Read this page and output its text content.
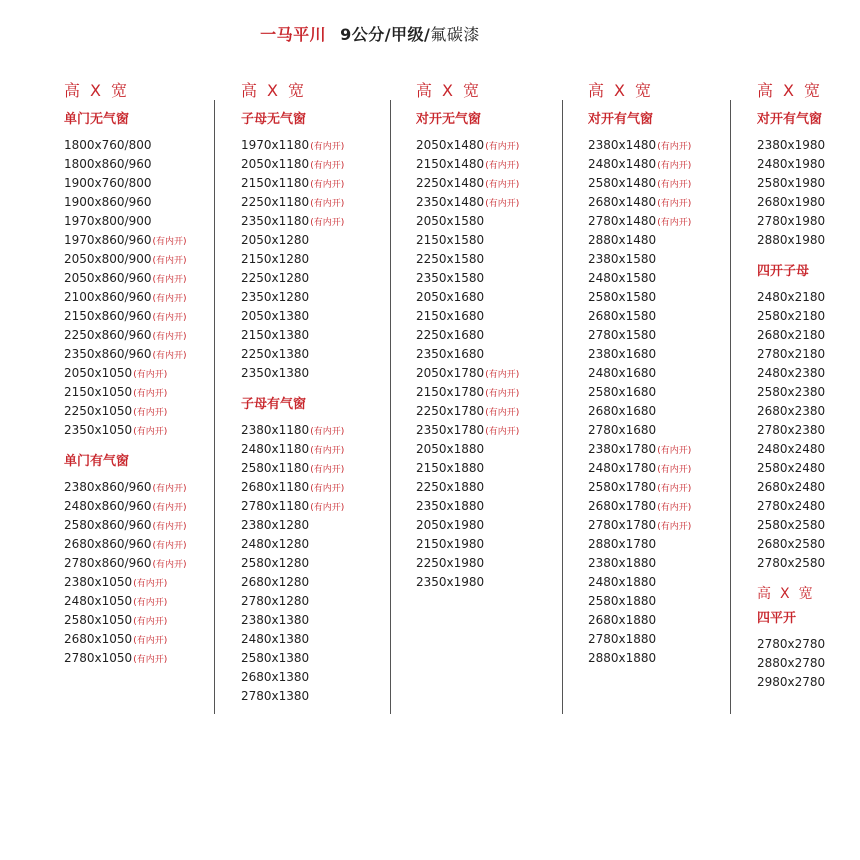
一马平川 9公分/甲级/氟碳漆
高X宽
单门无气窗
1800x760/800
1800x860/960
1900x760/800
1900x860/960
1970x800/900
1970x860/960(有内开)
2050x800/900(有内开)
2050x860/960(有内开)
2100x860/960(有内开)
2150x860/960(有内开)
2250x860/960(有内开)
2350x860/960(有内开)
2050x1050(有内开)
2150x1050(有内开)
2250x1050(有内开)
2350x1050(有内开)
单门有气窗
2380x860/960(有内开)
2480x860/960(有内开)
2580x860/960(有内开)
2680x860/960(有内开)
2780x860/960(有内开)
2380x1050(有内开)
2480x1050(有内开)
2580x1050(有内开)
2680x1050(有内开)
2780x1050(有内开)
高X宽
子母无气窗
1970x1180(有内开)
2050x1180(有内开)
2150x1180(有内开)
2250x1180(有内开)
2350x1180(有内开)
2050x1280
2150x1280
2250x1280
2350x1280
2050x1380
2150x1380
2250x1380
2350x1380
子母有气窗
2380x1180(有内开)
2480x1180(有内开)
2580x1180(有内开)
2680x1180(有内开)
2780x1180(有内开)
2380x1280
2480x1280
2580x1280
2680x1280
2780x1280
2380x1380
2480x1380
2580x1380
2680x1380
2780x1380
高X宽
对开无气窗
2050x1480(有内开)
2150x1480(有内开)
2250x1480(有内开)
2350x1480(有内开)
2050x1580
2150x1580
2250x1580
2350x1580
2050x1680
2150x1680
2250x1680
2350x1680
2050x1780(有内开)
2150x1780(有内开)
2250x1780(有内开)
2350x1780(有内开)
2050x1880
2150x1880
2250x1880
2350x1880
2050x1980
2150x1980
2250x1980
2350x1980
高X宽
对开有气窗
2380x1480(有内开)
2480x1480(有内开)
2580x1480(有内开)
2680x1480(有内开)
2780x1480(有内开)
2880x1480
2380x1580
2480x1580
2580x1580
2680x1580
2780x1580
2380x1680
2480x1680
2580x1680
2680x1680
2780x1680
2380x1780(有内开)
2480x1780(有内开)
2580x1780(有内开)
2680x1780(有内开)
2780x1780(有内开)
2880x1780
2380x1880
2480x1880
2580x1880
2680x1880
2780x1880
2880x1880
高X宽
对开有气窗
2380x1980
2480x1980
2580x1980
2680x1980
2780x1980
2880x1980
四开子母
2480x2180
2580x2180
2680x2180
2780x2180
2480x2380
2580x2380
2680x2380
2780x2380
2480x2480
2580x2480
2680x2480
2780x2480
2580x2580
2680x2580
2780x2580
高X宽
四平开
2780x2780
2880x2780
2980x2780
